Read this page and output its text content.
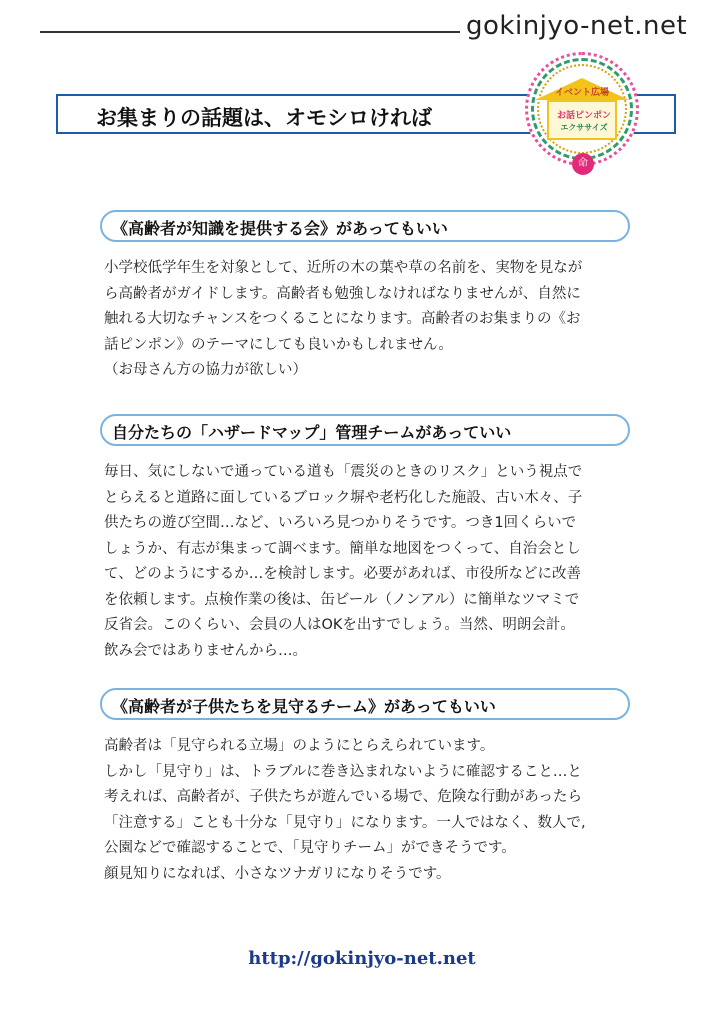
gokinjyo-net.net
お集まりの話題は、オモシロければ
イベント広場
お話ピンポン
エクササイズ
命
《高齢者が知識を提供する会》があってもいい
小学校低学年生を対象として、近所の木の葉や草の名前を、実物を見なが
ら高齢者がガイドします。高齢者も勉強しなければなりませんが、自然に
触れる大切なチャンスをつくることになります。高齢者のお集まりの《お
話ピンポン》のテーマにしても良いかもしれません。
（お母さん方の協力が欲しい）
自分たちの「ハザードマップ」管理チームがあっていい
毎日、気にしないで通っている道も「震災のときのリスク」という視点で
とらえると道路に面しているブロック塀や老朽化した施設、古い木々、子
供たちの遊び空間…など、いろいろ見つかりそうです。つき1回くらいで
しょうか、有志が集まって調べます。簡単な地図をつくって、自治会とし
て、どのようにするか…を検討します。必要があれば、市役所などに改善
を依頼します。点検作業の後は、缶ビール（ノンアル）に簡単なツマミで
反省会。このくらい、会員の人はOKを出すでしょう。当然、明朗会計。
飲み会ではありませんから…。
《高齢者が子供たちを見守るチーム》があってもいい
高齢者は「見守られる立場」のようにとらえられています。
しかし「見守り」は、トラブルに巻き込まれないように確認すること…と
考えれば、高齢者が、子供たちが遊んでいる場で、危険な行動があったら
「注意する」ことも十分な「見守り」になります。一人ではなく、数人で,
公園などで確認することで、「見守りチーム」ができそうです。
顔見知りになれば、小さなツナガリになりそうです。
http://gokinjyo-net.net
